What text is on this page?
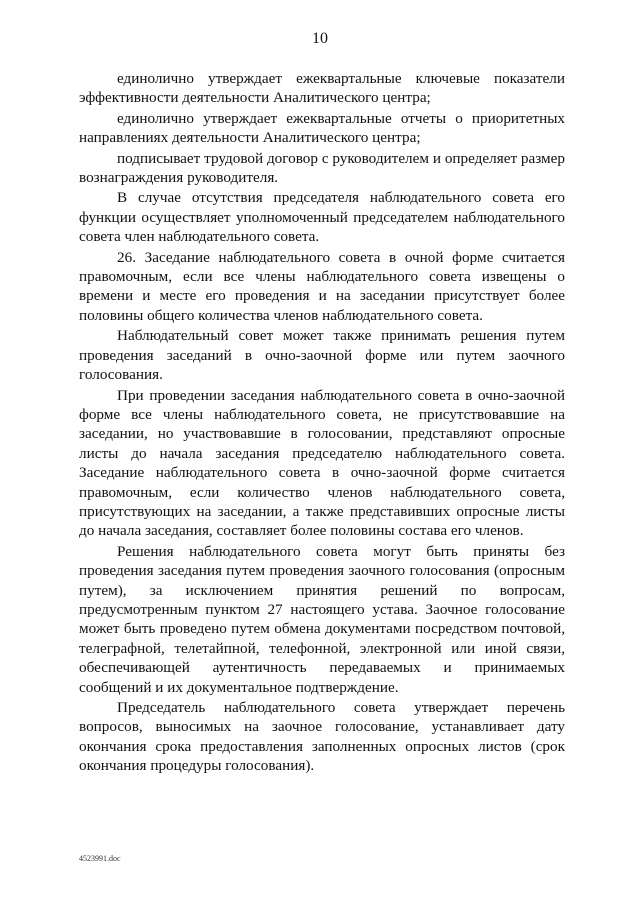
10

единолично утверждает ежеквартальные ключевые показатели эффективности деятельности Аналитического центра;

единолично утверждает ежеквартальные отчеты о приоритетных направлениях деятельности Аналитического центра;

подписывает трудовой договор с руководителем и определяет размер вознаграждения руководителя.

В случае отсутствия председателя наблюдательного совета его функции осуществляет уполномоченный председателем наблюдательного совета член наблюдательного совета.

26. Заседание наблюдательного совета в очной форме считается правомочным, если все члены наблюдательного совета извещены о времени и месте его проведения и на заседании присутствует более половины общего количества членов наблюдательного совета.

Наблюдательный совет может также принимать решения путем проведения заседаний в очно-заочной форме или путем заочного голосования.

При проведении заседания наблюдательного совета в очно-заочной форме все члены наблюдательного совета, не присутствовавшие на заседании, но участвовавшие в голосовании, представляют опросные листы до начала заседания председателю наблюдательного совета. Заседание наблюдательного совета в очно-заочной форме считается правомочным, если количество членов наблюдательного совета, присутствующих на заседании, а также представивших опросные листы до начала заседания, составляет более половины состава его членов.

Решения наблюдательного совета могут быть приняты без проведения заседания путем проведения заочного голосования (опросным путем), за исключением принятия решений по вопросам, предусмотренным пунктом 27 настоящего устава. Заочное голосование может быть проведено путем обмена документами посредством почтовой, телеграфной, телетайпной, телефонной, электронной или иной связи, обеспечивающей аутентичность передаваемых и принимаемых сообщений и их документальное подтверждение.

Председатель наблюдательного совета утверждает перечень вопросов, выносимых на заочное голосование, устанавливает дату окончания срока предоставления заполненных опросных листов (срок окончания процедуры голосования).

4523991.doc
